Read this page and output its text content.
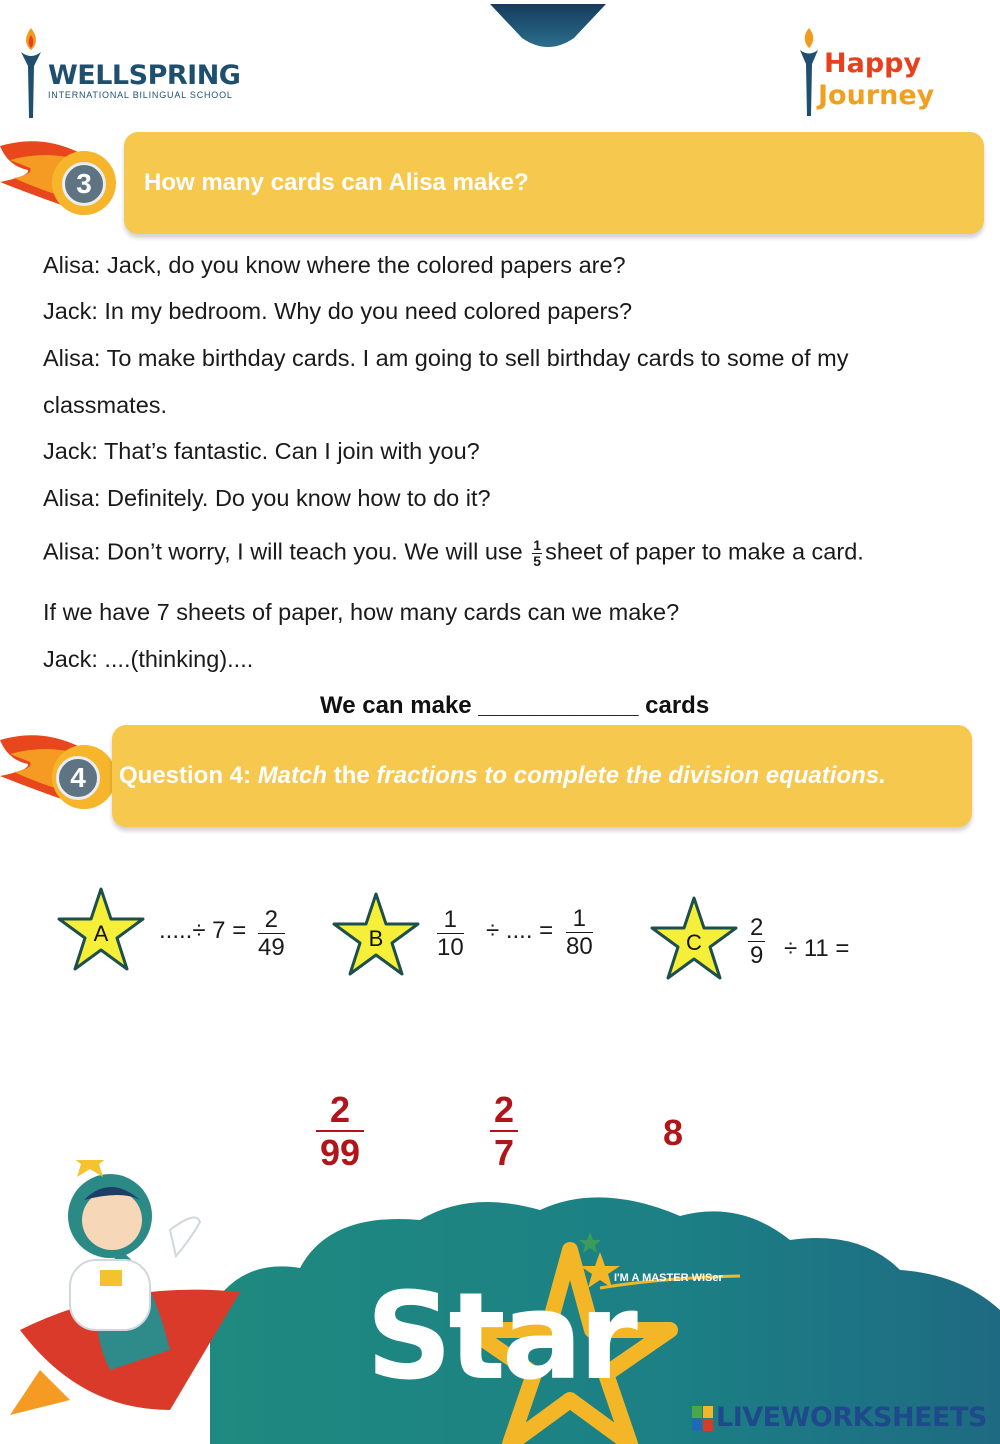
WELLSPRING
INTERNATIONAL BILINGUAL SCHOOL
Happy
Journey
3	How many cards can Alisa make?
Alisa: Jack, do you know where the colored papers are?
Jack: In my bedroom. Why do you need colored papers?
Alisa: To make birthday cards. I am going to sell birthday cards to some of my
classmates.
Jack: That’s fantastic. Can I join with you?
Alisa: Definitely. Do you know how to do it?
Alisa: Don’t worry, I will teach you. We will use $\frac{1}{5}$ sheet of paper to make a card.
If we have 7 sheets of paper, how many cards can we make?
Jack: ....(thinking)....
We can make ____________ cards
4	Question 4: Match the fractions to complete the division equations.
A .....÷ $7 = \frac{2}{49}$	B $\frac{1}{10}$ ÷ .... = $\frac{1}{80}$	C $\frac{2}{9} \div 11$ =
$\frac{2}{99}$	$\frac{2}{7}$	8
Star
I'M A MASTER WISer
LIVEWORKSHEETS
